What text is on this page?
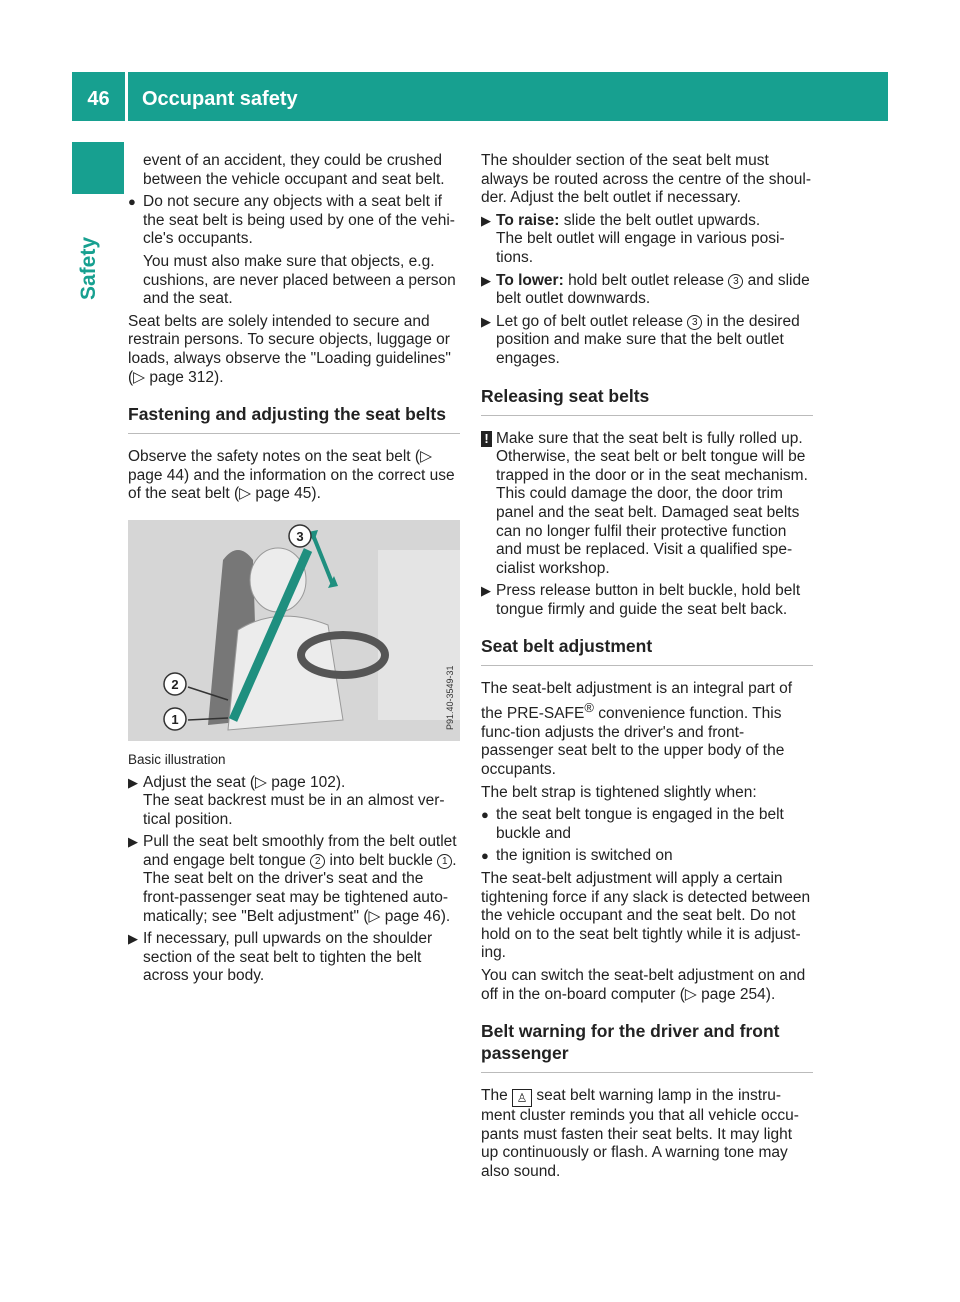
46	Occupant safety
Safety

event of an accident, they could be crushed between the vehicle occupant and seat belt.

● Do not secure any objects with a seat belt if the seat belt is being used by one of the vehi-cle's occupants.

You must also make sure that objects, e.g. cushions, are never placed between a person and the seat.

Seat belts are solely intended to secure and restrain persons. To secure objects, luggage or loads, always observe the "Loading guidelines" (▷ page 312).

Fastening and adjusting the seat belts

Observe the safety notes on the seat belt (▷ page 44) and the information on the correct use of the seat belt (▷ page 45).

3
2
1	P91.40-3549-31

Basic illustration

▶ Adjust the seat (▷ page 102).
The seat backrest must be in an almost ver-tical position.
▶ Pull the seat belt smoothly from the belt outlet and engage belt tongue 2 into belt buckle 1 .
The seat belt on the driver's seat and the front-passenger seat may be tightened auto-matically; see "Belt adjustment" (▷ page 46).
▶ If necessary, pull upwards on the shoulder section of the seat belt to tighten the belt across your body.

The shoulder section of the seat belt must always be routed across the centre of the shoul-der. Adjust the belt outlet if necessary.

▶ To raise: slide the belt outlet upwards.
The belt outlet will engage in various posi-tions.
▶ To lower: hold belt outlet release 3 and slide belt outlet downwards.
▶ Let go of belt outlet release 3 in the desired position and make sure that the belt outlet engages.
Releasing seat belts
! Make sure that the seat belt is fully rolled up. Otherwise, the seat belt or belt tongue will be trapped in the door or in the seat mechanism. This could damage the door, the door trim panel and the seat belt. Damaged seat belts can no longer fulfil their protective function and must be replaced. Visit a qualified spe-cialist workshop.
▶ Press release button in belt buckle, hold belt tongue firmly and guide the seat belt back.
Seat belt adjustment

The seat-belt adjustment is an integral part of the PRE-SAFE® convenience function. This func-tion adjusts the driver's and front-passenger seat belt to the upper body of the occupants.

The belt strap is tightened slightly when:

● the seat belt tongue is engaged in the belt buckle and
● the ignition is switched on

The seat-belt adjustment will apply a certain tightening force if any slack is detected between the vehicle occupant and the seat belt. Do not hold on to the seat belt tightly while it is adjust-ing.

You can switch the seat-belt adjustment on and off in the on-board computer (▷ page 254).

Belt warning for the driver and front passenger

The ♙ seat belt warning lamp in the instru-ment cluster reminds you that all vehicle occu-pants must fasten their seat belts. It may light up continuously or flash. A warning tone may also sound.
